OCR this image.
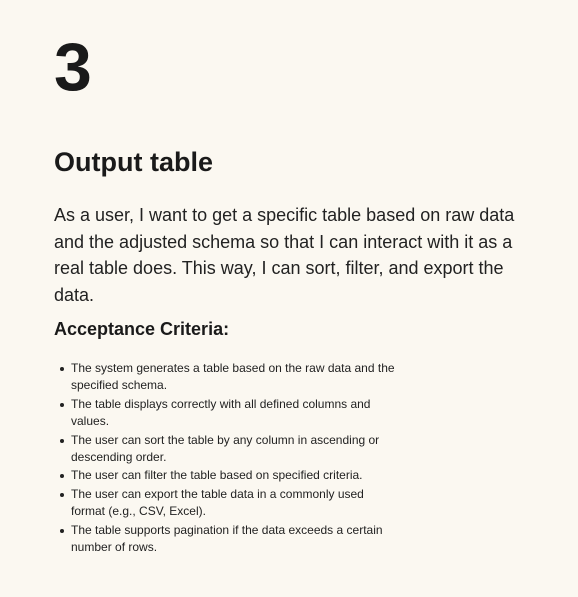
3
Output table

As a user, I want to get a specific table based on raw data and the adjusted schema so that I can interact with it as a real table does. This way, I can sort, filter, and export the data.

Acceptance Criteria:
The system generates a table based on the raw data and the specified schema.
The table displays correctly with all defined columns and values.
The user can sort the table by any column in ascending or descending order.
The user can filter the table based on specified criteria.
The user can export the table data in a commonly used format (e.g., CSV, Excel).
The table supports pagination if the data exceeds a certain number of rows.
